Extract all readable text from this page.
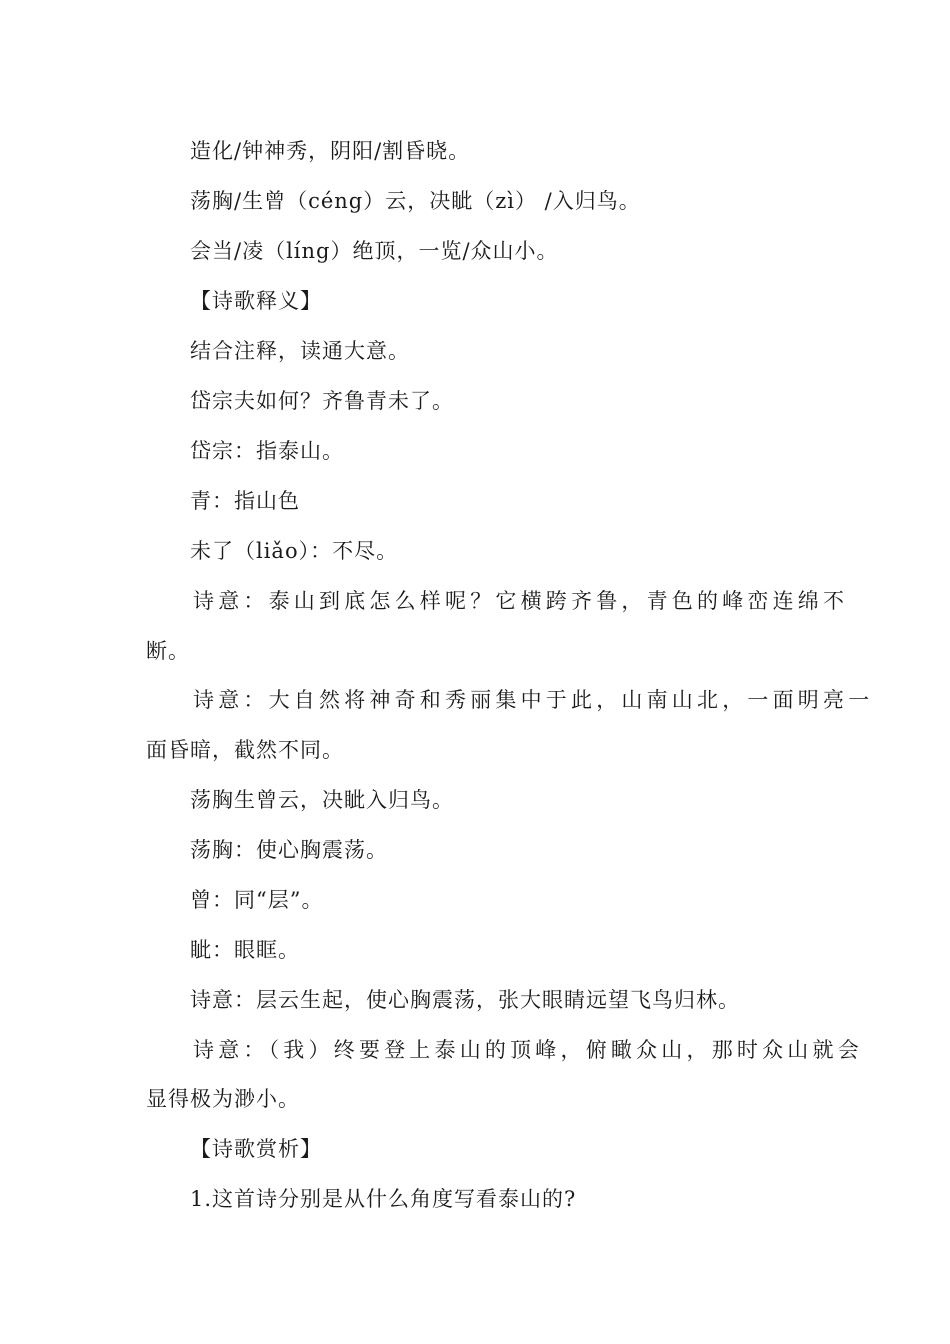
造化/钟神秀，阴阳/割昏晓。
荡胸/生曾（céng）云，决眦（zì） /入归鸟。
会当/凌（líng）绝顶，一览/众山小。
【诗歌释义】
结合注释，读通大意。
岱宗夫如何？齐鲁青未了。
岱宗：指泰山。
青：指山色
未了（liǎo）：不尽。
诗意：泰山到底怎么样呢？它横跨齐鲁，青色的峰峦连绵不
断。
诗意：大自然将神奇和秀丽集中于此，山南山北，一面明亮一
面昏暗，截然不同。
荡胸生曾云，决眦入归鸟。
荡胸：使心胸震荡。
曾：同“层”。
眦：眼眶。
诗意：层云生起，使心胸震荡，张大眼睛远望飞鸟归林。
诗意：（我）终要登上泰山的顶峰，俯瞰众山，那时众山就会
显得极为渺小。
【诗歌赏析】
1.这首诗分别是从什么角度写看泰山的?
